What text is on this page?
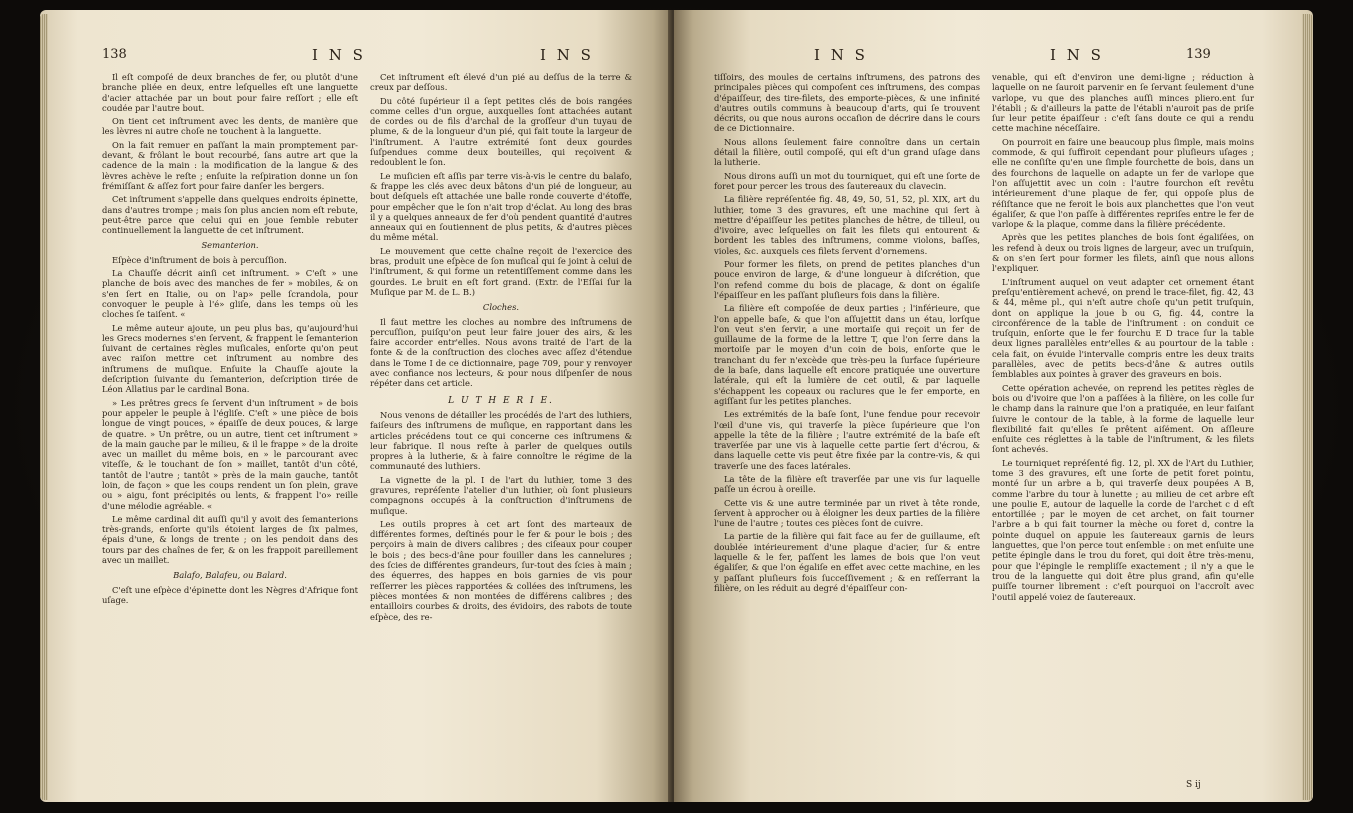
138	I N S	I N S

Il eſt compoſé de deux branches de fer, ou plutôt d'une branche pliée en deux, entre leſquelles eſt une languette d'acier attachée par un bout pour faire reſſort ; elle eſt coudée par l'autre bout.

On tient cet inſtrument avec les dents, de manière que les lèvres ni autre choſe ne touchent à la languette.

On la fait remuer en paſſant la main promptement par-devant, & frôlant le bout recourbé, ſans autre art que la cadence de la main : la modification de la langue & des lèvres achève le reſte ; enſuite la reſpiration donne un ſon frémiſſant & aſſez fort pour faire danſer les bergers.

Cet inſtrument s'appelle dans quelques endroits épinette, dans d'autres trompe ; mais ſon plus ancien nom eſt rebute, peut-être parce que celui qui en joue ſemble rebuter continuellement la languette de cet inſtrument.

Semanterion.

Eſpèce d'inſtrument de bois à percuſſion.

La Chauſſe décrit ainſi cet inſtrument. » C'eſt » une planche de bois avec des manches de fer » mobiles, & on s'en ſert en Italie, ou on l'ap» pelle ſcrandola, pour convoquer le peuple à l'é» gliſe, dans les temps où les cloches ſe taiſent. «

Le même auteur ajoute, un peu plus bas, qu'aujourd'hui les Grecs modernes s'en ſervent, & frappent le ſemanterion ſuivant de certaines règles muſicales, enſorte qu'on peut avec raiſon mettre cet inſtrument au nombre des inſtrumens de muſique. Enſuite la Chauſſe ajoute la deſcription ſuivante du ſemanterion, deſcription tirée de Léon Allatius par le cardinal Bona.

» Les prêtres grecs ſe ſervent d'un inſtrument » de bois pour appeler le peuple à l'égliſe. C'eſt » une pièce de bois longue de vingt pouces, » épaiſſe de deux pouces, & large de quatre. » Un prêtre, ou un autre, tient cet inſtrument » de la main gauche par le milieu, & il le frappe » de la droite avec un maillet du même bois, en » le parcourant avec viteſſe, & le touchant de ſon » maillet, tantôt d'un côté, tantôt de l'autre ; tantôt » près de la main gauche, tantôt loin, de façon » que les coups rendent un ſon plein, grave ou » aigu, font précipités ou lents, & frappent l'o» reille d'une mélodie agréable. «

Le même cardinal dit auſſi qu'il y avoit des ſemanterions très-grands, enſorte qu'ils étoient larges de ſix palmes, épais d'une, & longs de trente ; on les pendoit dans des tours par des chaînes de fer, & on les frappoit pareillement avec un maillet.

Balafo, Balafeu, ou Balard.

C'eſt une eſpèce d'épinette dont les Nègres d'Afrique font uſage.

Cet inſtrument eſt élevé d'un pié au deſſus de la terre & creux par deſſous.

Du côté ſupérieur il a ſept petites clés de bois rangées comme celles d'un orgue, auxquelles ſont attachées autant de cordes ou de fils d'archal de la groſſeur d'un tuyau de plume, & de la longueur d'un pié, qui fait toute la largeur de l'inſtrument. A l'autre extrémité ſont deux gourdes ſuſpendues comme deux bouteilles, qui reçoivent & redoublent le ſon.

Le muſicien eſt aſſis par terre vis-à-vis le centre du balafo, & frappe les clés avec deux bâtons d'un pié de longueur, au bout deſquels eſt attachée une balle ronde couverte d'étoffe, pour empêcher que le ſon n'ait trop d'éclat. Au long des bras il y a quelques anneaux de fer d'où pendent quantité d'autres anneaux qui en ſoutiennent de plus petits, & d'autres pièces du même métal.

Le mouvement que cette chaîne reçoit de l'exercice des bras, produit une eſpèce de ſon muſical qui ſe joint à celui de l'inſtrument, & qui forme un retentiſſement comme dans les gourdes. Le bruit en eſt fort grand. (Extr. de l'Eſſai ſur la Muſique par M. de L. B.)

Cloches.

Il faut mettre les cloches au nombre des inſtrumens de percuſſion, puiſqu'on peut leur faire jouer des airs, & les faire accorder entr'elles. Nous avons traité de l'art de la fonte & de la conſtruction des cloches avec aſſez d'étendue dans le Tome I de ce dictionnaire, page 709, pour y renvoyer avec confiance nos lecteurs, & pour nous diſpenſer de nous répéter dans cet article.

L U T H E R I E.

Nous venons de détailler les procédés de l'art des luthiers, faiſeurs des inſtrumens de muſique, en rapportant dans les articles précédens tout ce qui concerne ces inſtrumens & leur fabrique. Il nous reſte à parler de quelques outils propres à la lutherie, & à faire connoître le régime de la communauté des luthiers.

La vignette de la pl. I de l'art du luthier, tome 3 des gravures, repréſente l'atelier d'un luthier, où ſont plusieurs compagnons occupés à la conſtruction d'inſtrumens de muſique.

Les outils propres à cet art ſont des marteaux de différentes formes, deſtinés pour le fer & pour le bois ; des perçoirs à main de divers calibres ; des ciſeaux pour couper le bois ; des becs-d'âne pour fouiller dans les cannelures ; des ſcies de différentes grandeurs, ſur-tout des ſcies à main ; des équerres, des happes en bois garnies de vis pour reſſerrer les pièces rapportées & collées des inſtrumens, les pièces montées & non montées de différens calibres ; des entailloirs courbes & droits, des évidoirs, des rabots de toute eſpèce, des re-

I N S	I N S	139

tiſſoirs, des moules de certains inſtrumens, des patrons des principales pièces qui compoſent ces inſtrumens, des compas d'épaiſſeur, des tire-filets, des emporte-pièces, & une infinité d'autres outils communs à beaucoup d'arts, qui ſe trouvent décrits, ou que nous aurons occaſion de décrire dans le cours de ce Dictionnaire.

Nous allons ſeulement faire connoître dans un certain détail la filière, outil compoſé, qui eſt d'un grand uſage dans la lutherie.

Nous dirons auſſi un mot du tourniquet, qui eſt une ſorte de foret pour percer les trous des ſautereaux du clavecin.

La filière repréſentée fig. 48, 49, 50, 51, 52, pl. XIX, art du luthier, tome 3 des gravures, eſt une machine qui ſert à mettre d'épaiſſeur les petites planches de hêtre, de tilleul, ou d'ivoire, avec leſquelles on fait les filets qui entourent & bordent les tables des inſtrumens, comme violons, baſſes, violes, &c. auxquels ces filets ſervent d'ornemens.

Pour former les filets, on prend de petites planches d'un pouce environ de large, & d'une longueur à diſcrétion, que l'on refend comme du bois de placage, & dont on égaliſe l'épaiſſeur en les paſſant pluſieurs fois dans la filière.

La filière eſt compoſée de deux parties ; l'inférieure, que l'on appelle baſe, & que l'on aſſujettit dans un étau, lorſque l'on veut s'en ſervir, a une mortaiſe qui reçoit un fer de guillaume de la forme de la lettre T, que l'on ſerre dans la mortoiſe par le moyen d'un coin de bois, enſorte que le tranchant du fer n'excède que très-peu la ſurface ſupérieure de la baſe, dans laquelle eſt encore pratiquée une ouverture latérale, qui eſt la lumière de cet outil, & par laquelle s'échappent les copeaux ou raclures que le fer emporte, en agiſſant ſur les petites planches.

Les extrémités de la baſe ſont, l'une fendue pour recevoir l'œil d'une vis, qui traverſe la pièce ſupérieure que l'on appelle la tête de la filière ; l'autre extrémité de la baſe eſt traverſée par une vis à laquelle cette partie ſert d'écrou, & dans laquelle cette vis peut être fixée par la contre-vis, & qui traverſe une des faces latérales.

La tête de la filière eſt traverſée par une vis ſur laquelle paſſe un écrou à oreille.

Cette vis & une autre terminée par un rivet à tête ronde, ſervent à approcher ou à éloigner les deux parties de la filière l'une de l'autre ; toutes ces pièces ſont de cuivre.

La partie de la filière qui fait face au fer de guillaume, eſt doublée intérieurement d'une plaque d'acier, ſur & entre laquelle & le fer, paſſent les lames de bois que l'on veut égaliſer, & que l'on égaliſe en effet avec cette machine, en les y paſſant pluſieurs fois ſucceſſivement ; & en reſſerrant la filière, on les réduit au degré d'épaiſſeur con-

venable, qui eſt d'environ une demi-ligne ; réduction à laquelle on ne ſauroit parvenir en ſe ſervant ſeulement d'une varlope, vu que des planches auſſi minces pliero.ent ſur l'établi ; & d'ailleurs la patte de l'établi n'auroit pas de priſe ſur leur petite épaiſſeur : c'eſt ſans doute ce qui a rendu cette machine néceſſaire.

On pourroit en faire une beaucoup plus ſimple, mais moins commode, & qui ſuffiroit cependant pour pluſieurs uſages ; elle ne conſiſte qu'en une ſimple fourchette de bois, dans un des fourchons de laquelle on adapte un fer de varlope que l'on aſſujettit avec un coin : l'autre fourchon eſt revêtu intérieurement d'une plaque de fer, qui oppoſe plus de réſiſtance que ne feroit le bois aux planchettes que l'on veut égaliſer, & que l'on paſſe à différentes repriſes entre le fer de varlope & la plaque, comme dans la filière précédente.

Après que les petites planches de bois ſont égaliſées, on les refend à deux ou trois lignes de largeur, avec un truſquin, & on s'en ſert pour former les filets, ainſi que nous allons l'expliquer.

L'inſtrument auquel on veut adapter cet ornement étant preſqu'entièrement achevé, on prend le trace-filet, fig. 42, 43 & 44, même pl., qui n'eſt autre choſe qu'un petit truſquin, dont on applique la joue b ou G, fig. 44, contre la circonférence de la table de l'inſtrument : on conduit ce truſquin, enſorte que le fer fourchu E D trace ſur la table deux lignes parallèles entr'elles & au pourtour de la table : cela fait, on évuide l'intervalle compris entre les deux traits parallèles, avec de petits becs-d'âne & autres outils ſemblables aux pointes à graver des graveurs en bois.

Cette opération achevée, on reprend les petites règles de bois ou d'ivoire que l'on a paſſées à la filière, on les colle ſur le champ dans la rainure que l'on a pratiquée, en leur faiſant ſuivre le contour de la table, à la forme de laquelle leur flexibilité fait qu'elles ſe prêtent aiſément. On aſſleure enſuite ces réglettes à la table de l'inſtrument, & les filets ſont achevés.

Le tourniquet repréſenté fig. 12, pl. XX de l'Art du Luthier, tome 3 des gravures, eſt une ſorte de petit foret pointu, monté ſur un arbre a b, qui traverſe deux poupées A B, comme l'arbre du tour à lunette ; au milieu de cet arbre eſt une poulie E, autour de laquelle la corde de l'archet c d eſt entortillée ; par le moyen de cet archet, on fait tourner l'arbre a b qui fait tourner la mèche ou foret d, contre la pointe duquel on appuie les ſautereaux garnis de leurs languettes, que l'on perce tout enſemble : on met enſuite une petite épingle dans le trou du foret, qui doit être très-menu, pour que l'épingle le rempliſſe exactement ; il n'y a que le trou de la languette qui doit être plus grand, afin qu'elle puiſſe tourner librement : c'eſt pourquoi on l'accroît avec l'outil appelé voiez de ſautereaux.

S ij
